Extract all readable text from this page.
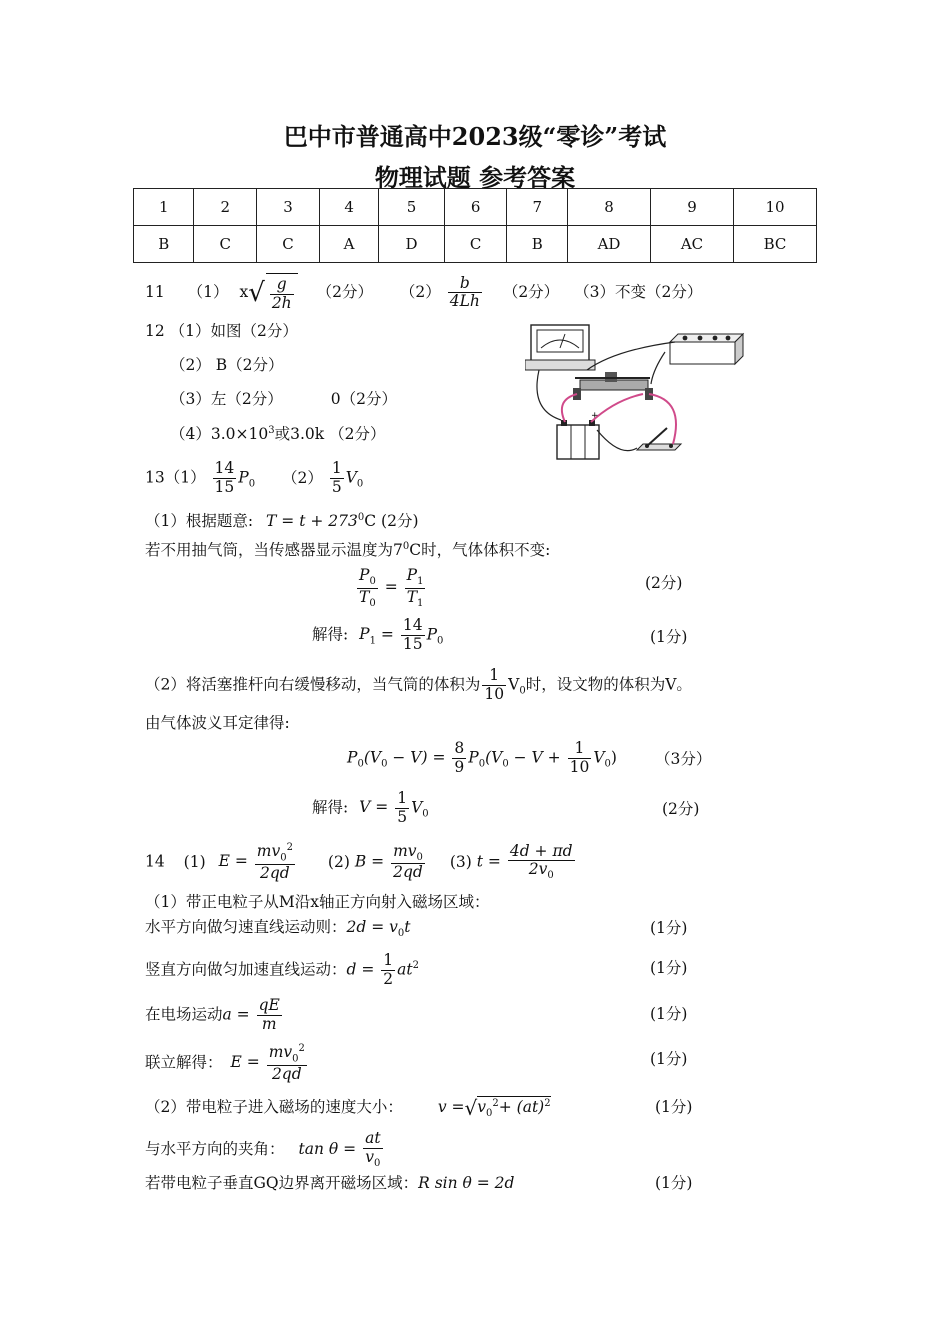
巴中市普通高中2023级“零诊”考试
物理试题 参考答案
1	2	3	4	5	6	7	8	9	10
B	C	C	A	D	C	B	AD	AC	BC
11 （1） $x√ \frac{g}{2h} (2$分） $(2) \frac{b}{4Lh} (2$分） （3）不变（2分）
12 （1）如图（2分）
（2） B（2分）
（3）左（2分）	0（2分）
$(4)3.0\times 10^3$或3.0k （2分）
+
$13(1) \frac{14}{15} P_0$ $(2) \frac{1}{5} V_0$
（1）根据题意: $T = t + 273^0C$ (2分)
若不用抽气筒，当传感器显示温度为$7^0C$时，气体体积不变:
$\frac{P_0}{T_0} = \frac{P_1}{T_1}$	(2分)
解得: $P_1 = \frac{14}{15} P_0$	(1分)
（2）将活塞推杆向右缓慢移动，当气筒的体积为 $\frac{1}{10} V_0$时，设文物的体积为V。
由气体波义耳定律得:
$P_0(V_0 - V) = \frac{8}{9} P_0(V_0 - V + \frac{1}{10} V_0)$ （3分）
解得: $V = \frac{1}{5} V_0$	(2分)
14 (1) $E = \frac{mv_0^2}{2qd} (2) B = \frac{mv_0}{2qd} (3) t = \frac{4d + \pi d}{2v_0}$
（1）带正电粒子从M沿x轴正方向射入磁场区域：
水平方向做匀速直线运动则：$2d = v_0t$	(1分)
竖直方向做匀加速直线运动：$d = \frac{1}{2} at^2$	(1分)
在电场运动$a = \frac{qE}{m}$	(1分)
联立解得： $E = \frac{mv_0^2}{2qd}$	(1分)
（2）带电粒子进入磁场的速度大小： $v =√v_0^2+ (at)^2$	(1分)
与水平方向的夹角： $\tan \theta = \frac{at}{v_0}$
若带电粒子垂直GQ边界离开磁场区域：R sin θ = 2d	(1分)
